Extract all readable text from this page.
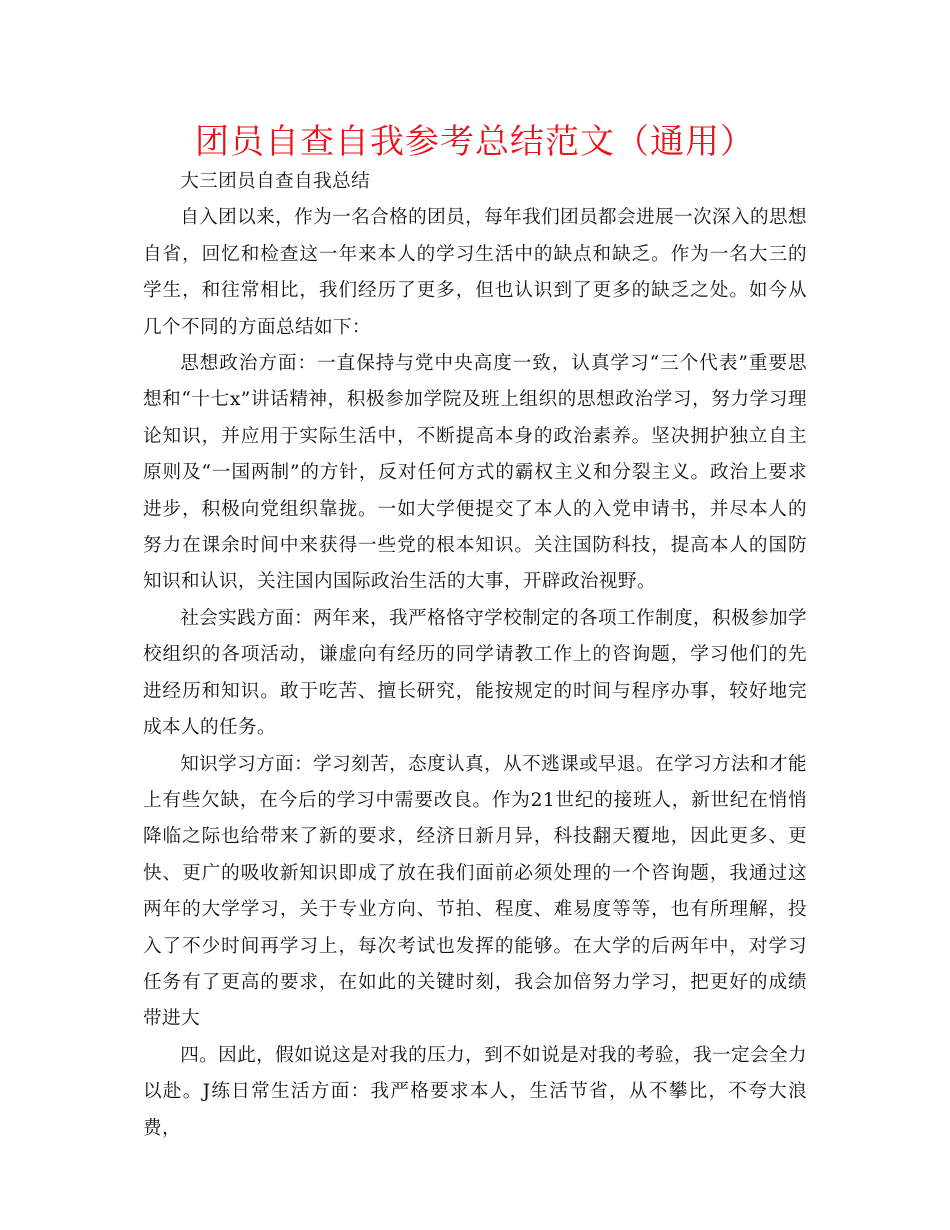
团员自查自我参考总结范文（通用）

大三团员自查自我总结

自入团以来，作为一名合格的团员，每年我们团员都会进展一次深入的思想自省，回忆和检查这一年来本人的学习生活中的缺点和缺乏。作为一名大三的学生，和往常相比，我们经历了更多，但也认识到了更多的缺乏之处。如今从几个不同的方面总结如下：

思想政治方面：一直保持与党中央高度一致，认真学习“三个代表”重要思想和“十七x”讲话精神，积极参加学院及班上组织的思想政治学习，努力学习理论知识，并应用于实际生活中，不断提高本身的政治素养。坚决拥护独立自主原则及“一国两制”的方针，反对任何方式的霸权主义和分裂主义。政治上要求进步，积极向党组织靠拢。一如大学便提交了本人的入党申请书，并尽本人的努力在课余时间中来获得一些党的根本知识。关注国防科技，提高本人的国防知识和认识，关注国内国际政治生活的大事，开辟政治视野。

社会实践方面：两年来，我严格恪守学校制定的各项工作制度，积极参加学校组织的各项活动，谦虚向有经历的同学请教工作上的咨询题，学习他们的先进经历和知识。敢于吃苦、擅长研究，能按规定的时间与程序办事，较好地完成本人的任务。

知识学习方面：学习刻苦，态度认真，从不逃课或早退。在学习方法和才能上有些欠缺，在今后的学习中需要改良。作为21世纪的接班人，新世纪在悄悄降临之际也给带来了新的要求，经济日新月异，科技翻天覆地，因此更多、更快、更广的吸收新知识即成了放在我们面前必须处理的一个咨询题，我通过这两年的大学学习，关于专业方向、节拍、程度、难易度等等，也有所理解，投入了不少时间再学习上，每次考试也发挥的能够。在大学的后两年中，对学习任务有了更高的要求，在如此的关键时刻，我会加倍努力学习，把更好的成绩带进大

四。因此，假如说这是对我的压力，到不如说是对我的考验，我一定会全力以赴。J练日常生活方面：我严格要求本人，生活节省，从不攀比，不夸大浪费，
